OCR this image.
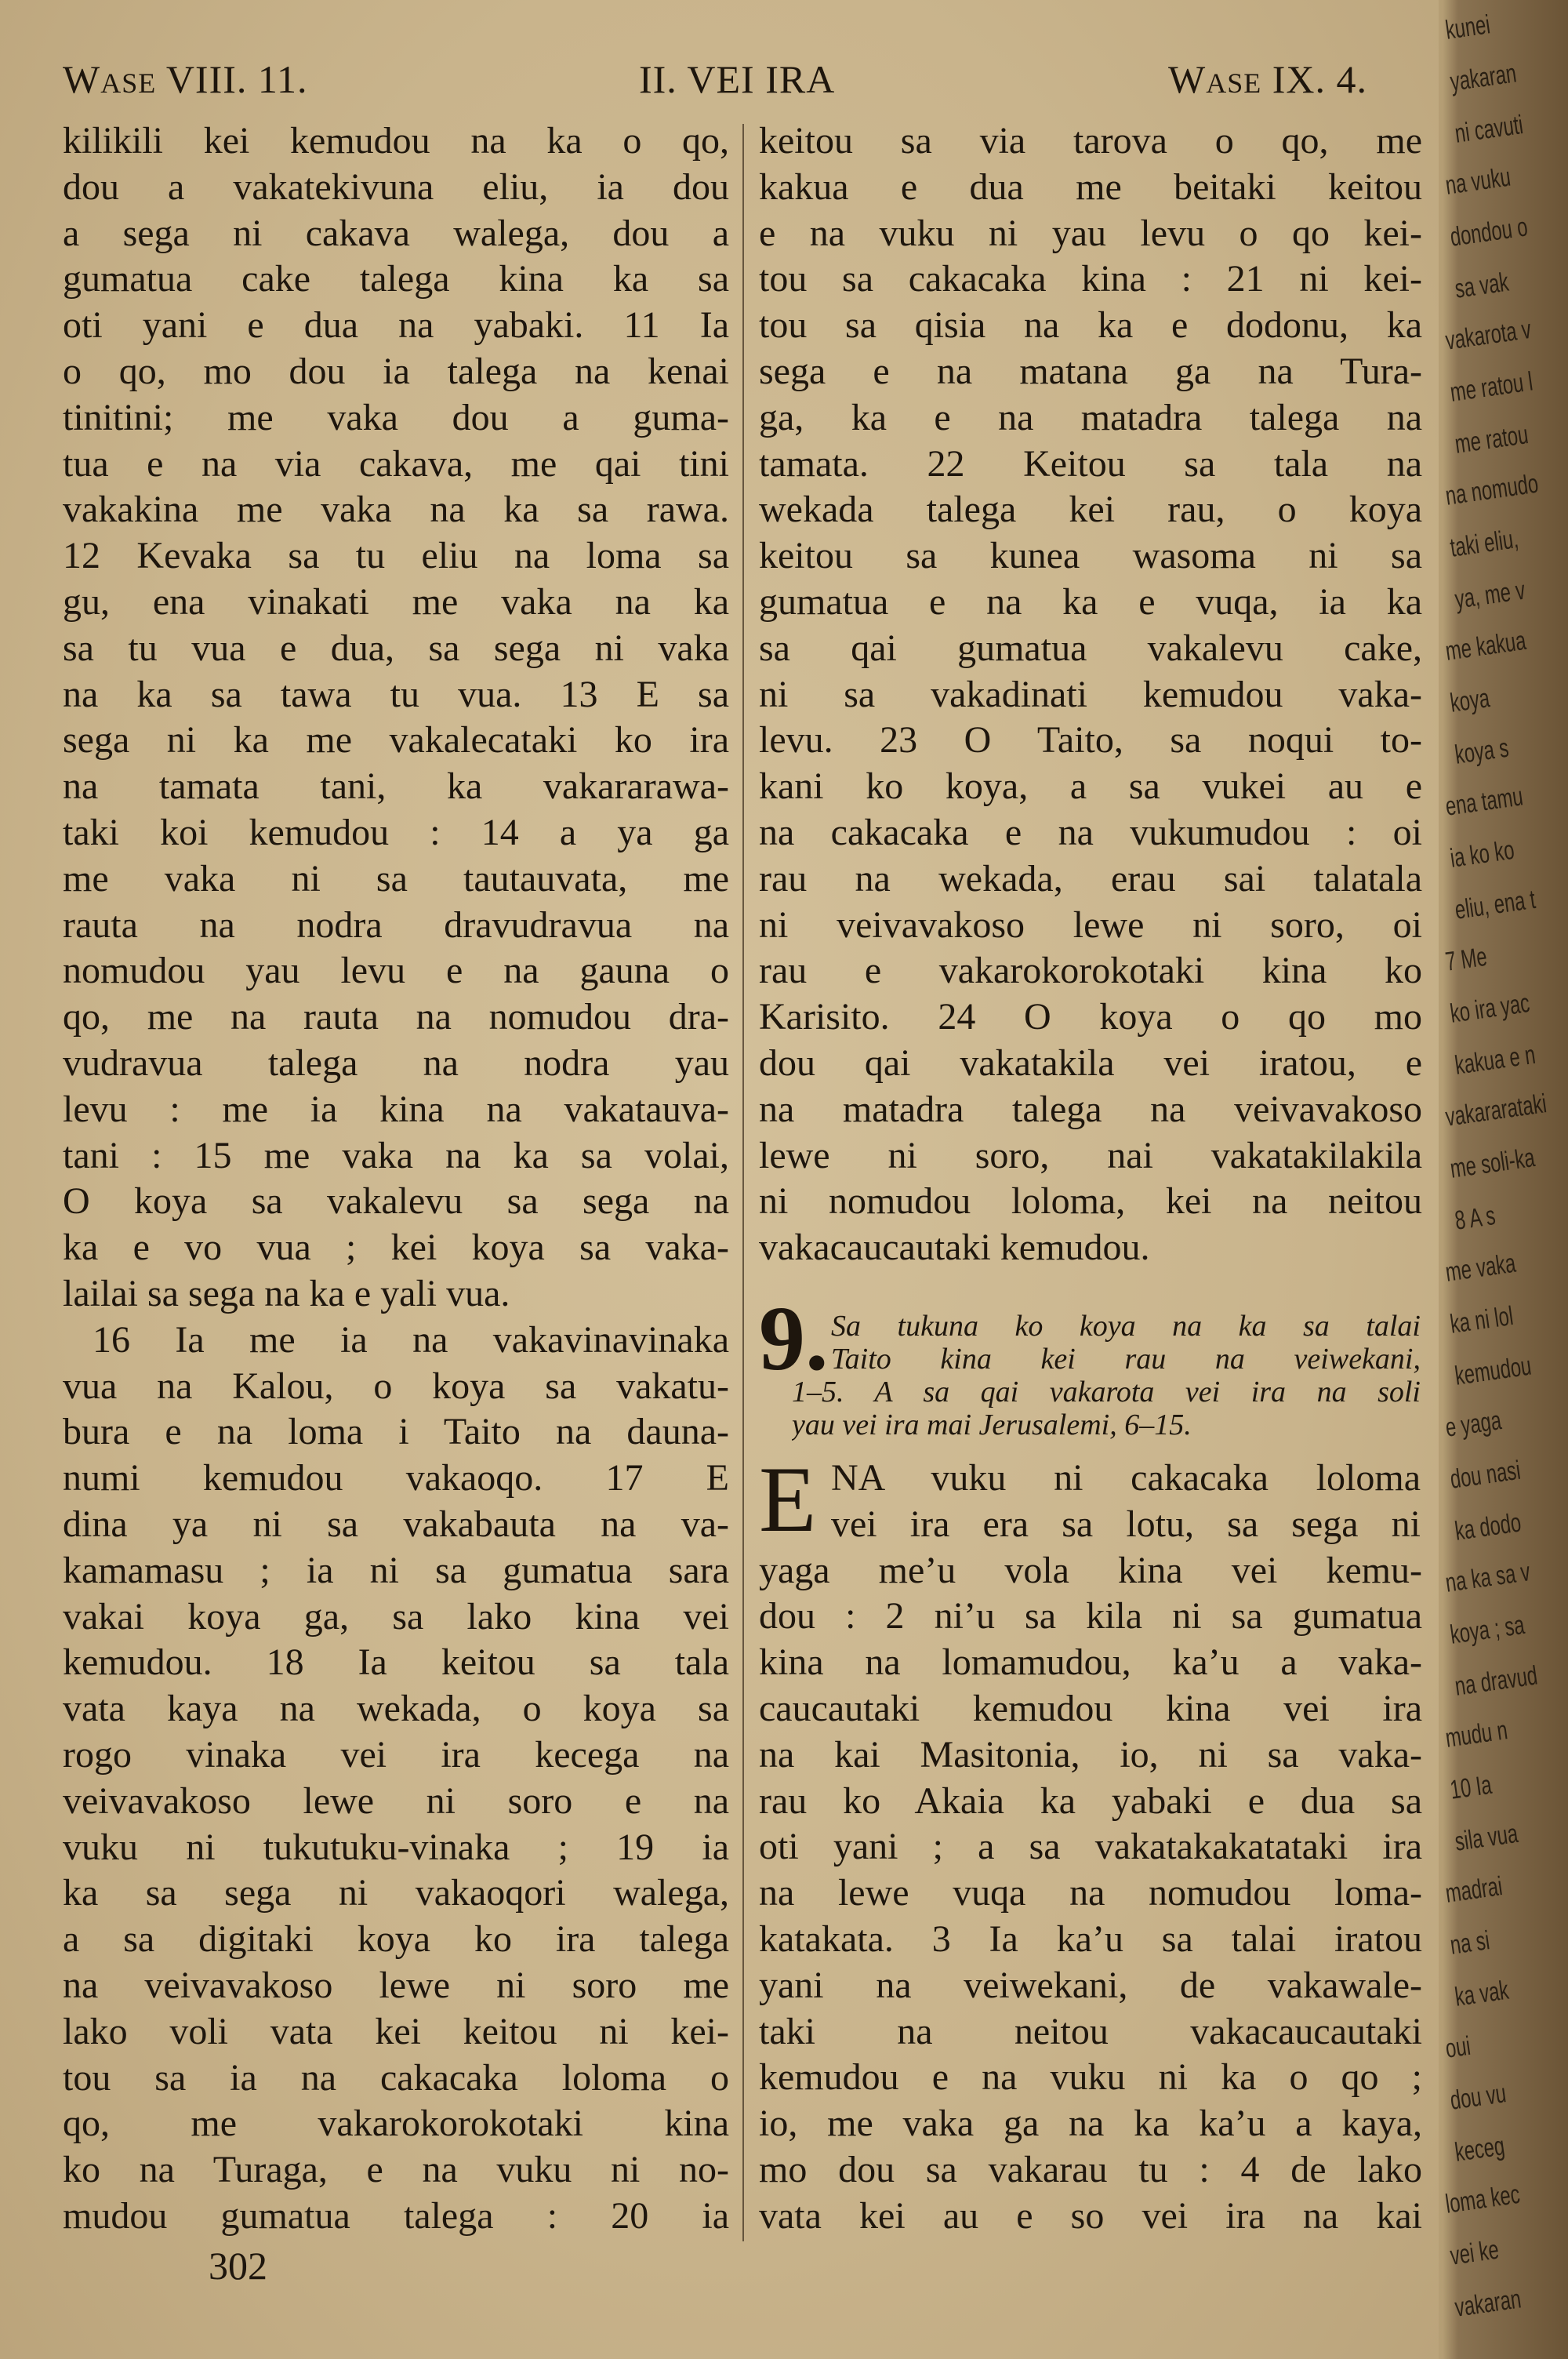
WASE VIII. 11.	II. VEI IRA	WASE IX. 4.
kilikili kei kemudou na ka o qo,
dou a vakatekivuna eliu, ia dou
a sega ni cakava walega, dou a
gumatua cake talega kina ka sa
oti yani e dua na yabaki. 11 Ia
o qo, mo dou ia talega na kenai
tinitini; me vaka dou a guma-
tua e na via cakava, me qai tini
vakakina me vaka na ka sa rawa.
12 Kevaka sa tu eliu na loma sa
gu, ena vinakati me vaka na ka
sa tu vua e dua, sa sega ni vaka
na ka sa tawa tu vua. 13 E sa
sega ni ka me vakalecataki ko ira
na tamata tani, ka vakararawa-
taki koi kemudou : 14 a ya ga
me vaka ni sa tautauvata, me
rauta na nodra dravudravua na
nomudou yau levu e na gauna o
qo, me na rauta na nomudou dra-
vudravua talega na nodra yau
levu : me ia kina na vakatauva-
tani : 15 me vaka na ka sa volai,
O koya sa vakalevu sa sega na
ka e vo vua ; kei koya sa vaka-
lailai sa sega na ka e yali vua.
16 Ia me ia na vakavinavinaka
vua na Kalou, o koya sa vakatu-
bura e na loma i Taito na dauna-
numi kemudou vakaoqo. 17 E
dina ya ni sa vakabauta na va-
kamamasu ; ia ni sa gumatua sara
vakai koya ga, sa lako kina vei
kemudou. 18 Ia keitou sa tala
vata kaya na wekada, o koya sa
rogo vinaka vei ira kecega na
veivavakoso lewe ni soro e na
vuku ni tukutuku-vinaka ; 19 ia
ka sa sega ni vakaoqori walega,
a sa digitaki koya ko ira talega
na veivavakoso lewe ni soro me
lako voli vata kei keitou ni kei-
tou sa ia na cakacaka loloma o
qo, me vakarokorokotaki kina
ko na Turaga, e na vuku ni no-
mudou gumatua talega : 20 ia
keitou sa via tarova o qo, me
kakua e dua me beitaki keitou
e na vuku ni yau levu o qo kei-
tou sa cakacaka kina : 21 ni kei-
tou sa qisia na ka e dodonu, ka
sega e na matana ga na Tura-
ga, ka e na matadra talega na
tamata. 22 Keitou sa tala na
wekada talega kei rau, o koya
keitou sa kunea wasoma ni sa
gumatua e na ka e vuqa, ia ka
sa qai gumatua vakalevu cake,
ni sa vakadinati kemudou vaka-
levu. 23 O Taito, sa noqui to-
kani ko koya, a sa vukei au e
na cakacaka e na vukumudou : oi
rau na wekada, erau sai talatala
ni veivavakoso lewe ni soro, oi
rau e vakarokorokotaki kina ko
Karisito. 24 O koya o qo mo
dou qai vakatakila vei iratou, e
na matadra talega na veivavakoso
lewe ni soro, nai vakatakilakila
ni nomudou loloma, kei na neitou
vakacaucautaki kemudou.
9. Sa tukuna ko koya na ka sa talai
Taito kina kei rau na veiwekani,
1–5. A sa qai vakarota vei ira na soli
yau vei ira mai Jerusalemi, 6–15.
E NA vuku ni cakacaka loloma
vei ira era sa lotu, sa sega ni
yaga me’u vola kina vei kemu-
dou : 2 ni’u sa kila ni sa gumatua
kina na lomamudou, ka’u a vaka-
caucautaki kemudou kina vei ira
na kai Masitonia, io, ni sa vaka-
rau ko Akaia ka yabaki e dua sa
oti yani ; a sa vakatakakatataki ira
na lewe vuqa na nomudou loma-
katakata. 3 Ia ka’u sa talai iratou
yani na veiwekani, de vakawale-
taki na neitou vakacaucautaki
kemudou e na vuku ni ka o qo ;
io, me vaka ga na ka ka’u a kaya,
mo dou sa vakarau tu : 4 de lako
vata kei au e so vei ira na kai
302
kunei
yakaran
ni cavuti
na vuku
dondou o
sa vak
vakarota v
me ratou l
me ratou
na nomudo
taki eliu,
ya, me v
me kakua
koya
koya s
ena tamu
ia ko ko
eliu, ena t
7 Me
ko ira yac
kakua e n
vakararataki
me soli-ka
8 A s
me vaka
ka ni lol
kemudou
e yaga
dou nasi
ka dodo
na ka sa v
koya ; sa
na dravud
mudu n
10 Ia
sila vua
madrai
na si
ka vak
oui
dou vu
keceg
loma kec
vei ke
vakaran
